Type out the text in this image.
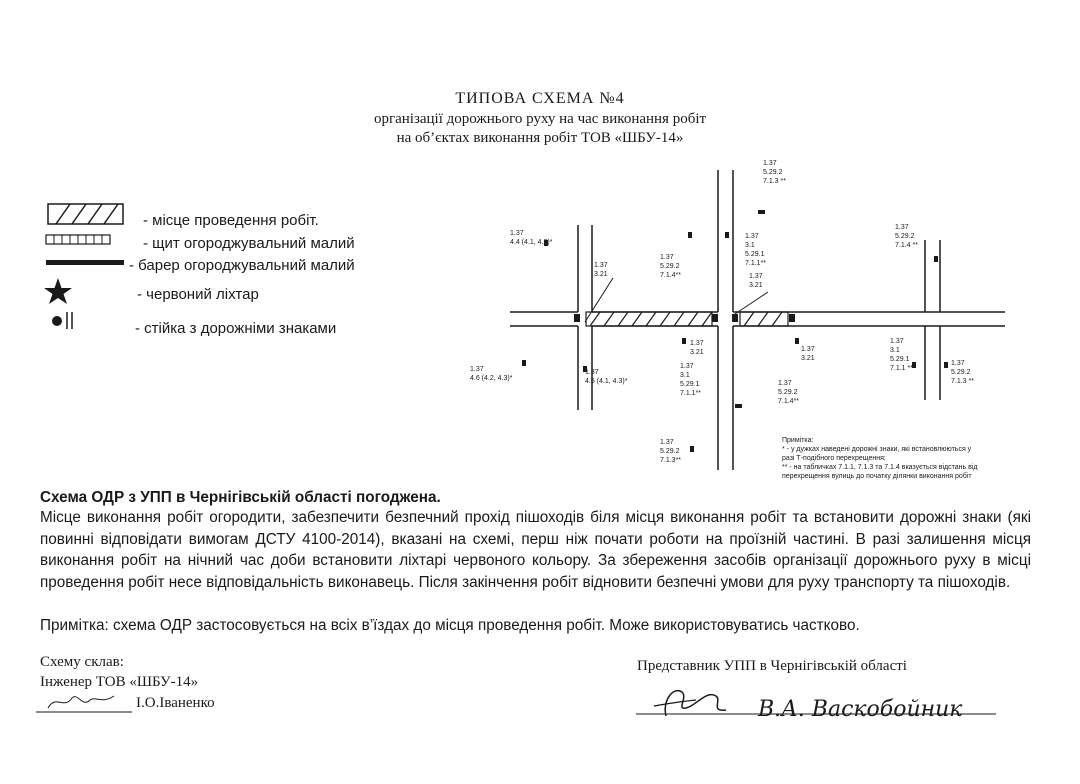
ТИПОВА СХЕМА №4
організації дорожнього руху на час виконання робіт
на об’єктах виконання робіт ТОВ «ШБУ-14»
- місце проведення робіт.
- щит огороджувальний малий
- барер огороджувальний малий
- червоний ліхтар
- стійка з дорожніми знаками
1.37
5.29.2
7.1.3 **
1.37
4.4 (4.1, 4.2)*
1.37
3.21
1.37
5.29.2
7.1.4**
1.37
3.1
5.29.1
7.1.1**
1.37
3.21
1.37
5.29.2
7.1.4 **
1.37
3.21	1.37
3.21
1.37
3.1
5.29.1
7.1.1 **
1.37
5.29.2
7.1.3 **
1.37
4.6 (4.2, 4.3)*
1.37
4.5 (4.1, 4.3)*
1.37
3.1
5.29.1
7.1.1**
1.37
5.29.2
7.1.4**
1.37
5.29.2
7.1.3**
Примітка:
* - у дужках наведені дорожні знаки, які встановлюються у
разі Т-подібного перехрещення;
** - на табличках 7.1.1, 7.1.3 та 7.1.4 вказується відстань від
перехрещення вулиць до початку ділянки виконання робіт
Схема ОДР з УПП в Чернігівській області погоджена.
Місце виконання робіт огородити, забезпечити безпечний прохід пішоходів біля місця виконання робіт та встановити дорожні знаки (які повинні відповідати вимогам ДСТУ 4100-2014), вказані на схемі, перш ніж почати роботи на проїзній частині. В разі залишення місця виконання робіт на нічний час доби встановити ліхтарі червоного кольору. За збереження засобів організації дорожнього руху в місці проведення робіт несе відповідальність виконавець. Після закінчення робіт відновити безпечні умови для руху транспорту та пішоходів.
Примітка: схема ОДР застосовується на всіх в’їздах до місця проведення робіт. Може використовуватись частково.
Схему склав:
Інженер ТОВ «ШБУ-14»
І.О.Іваненко
Представник УПП в Чернігівській області
В.А. Васкобойник
